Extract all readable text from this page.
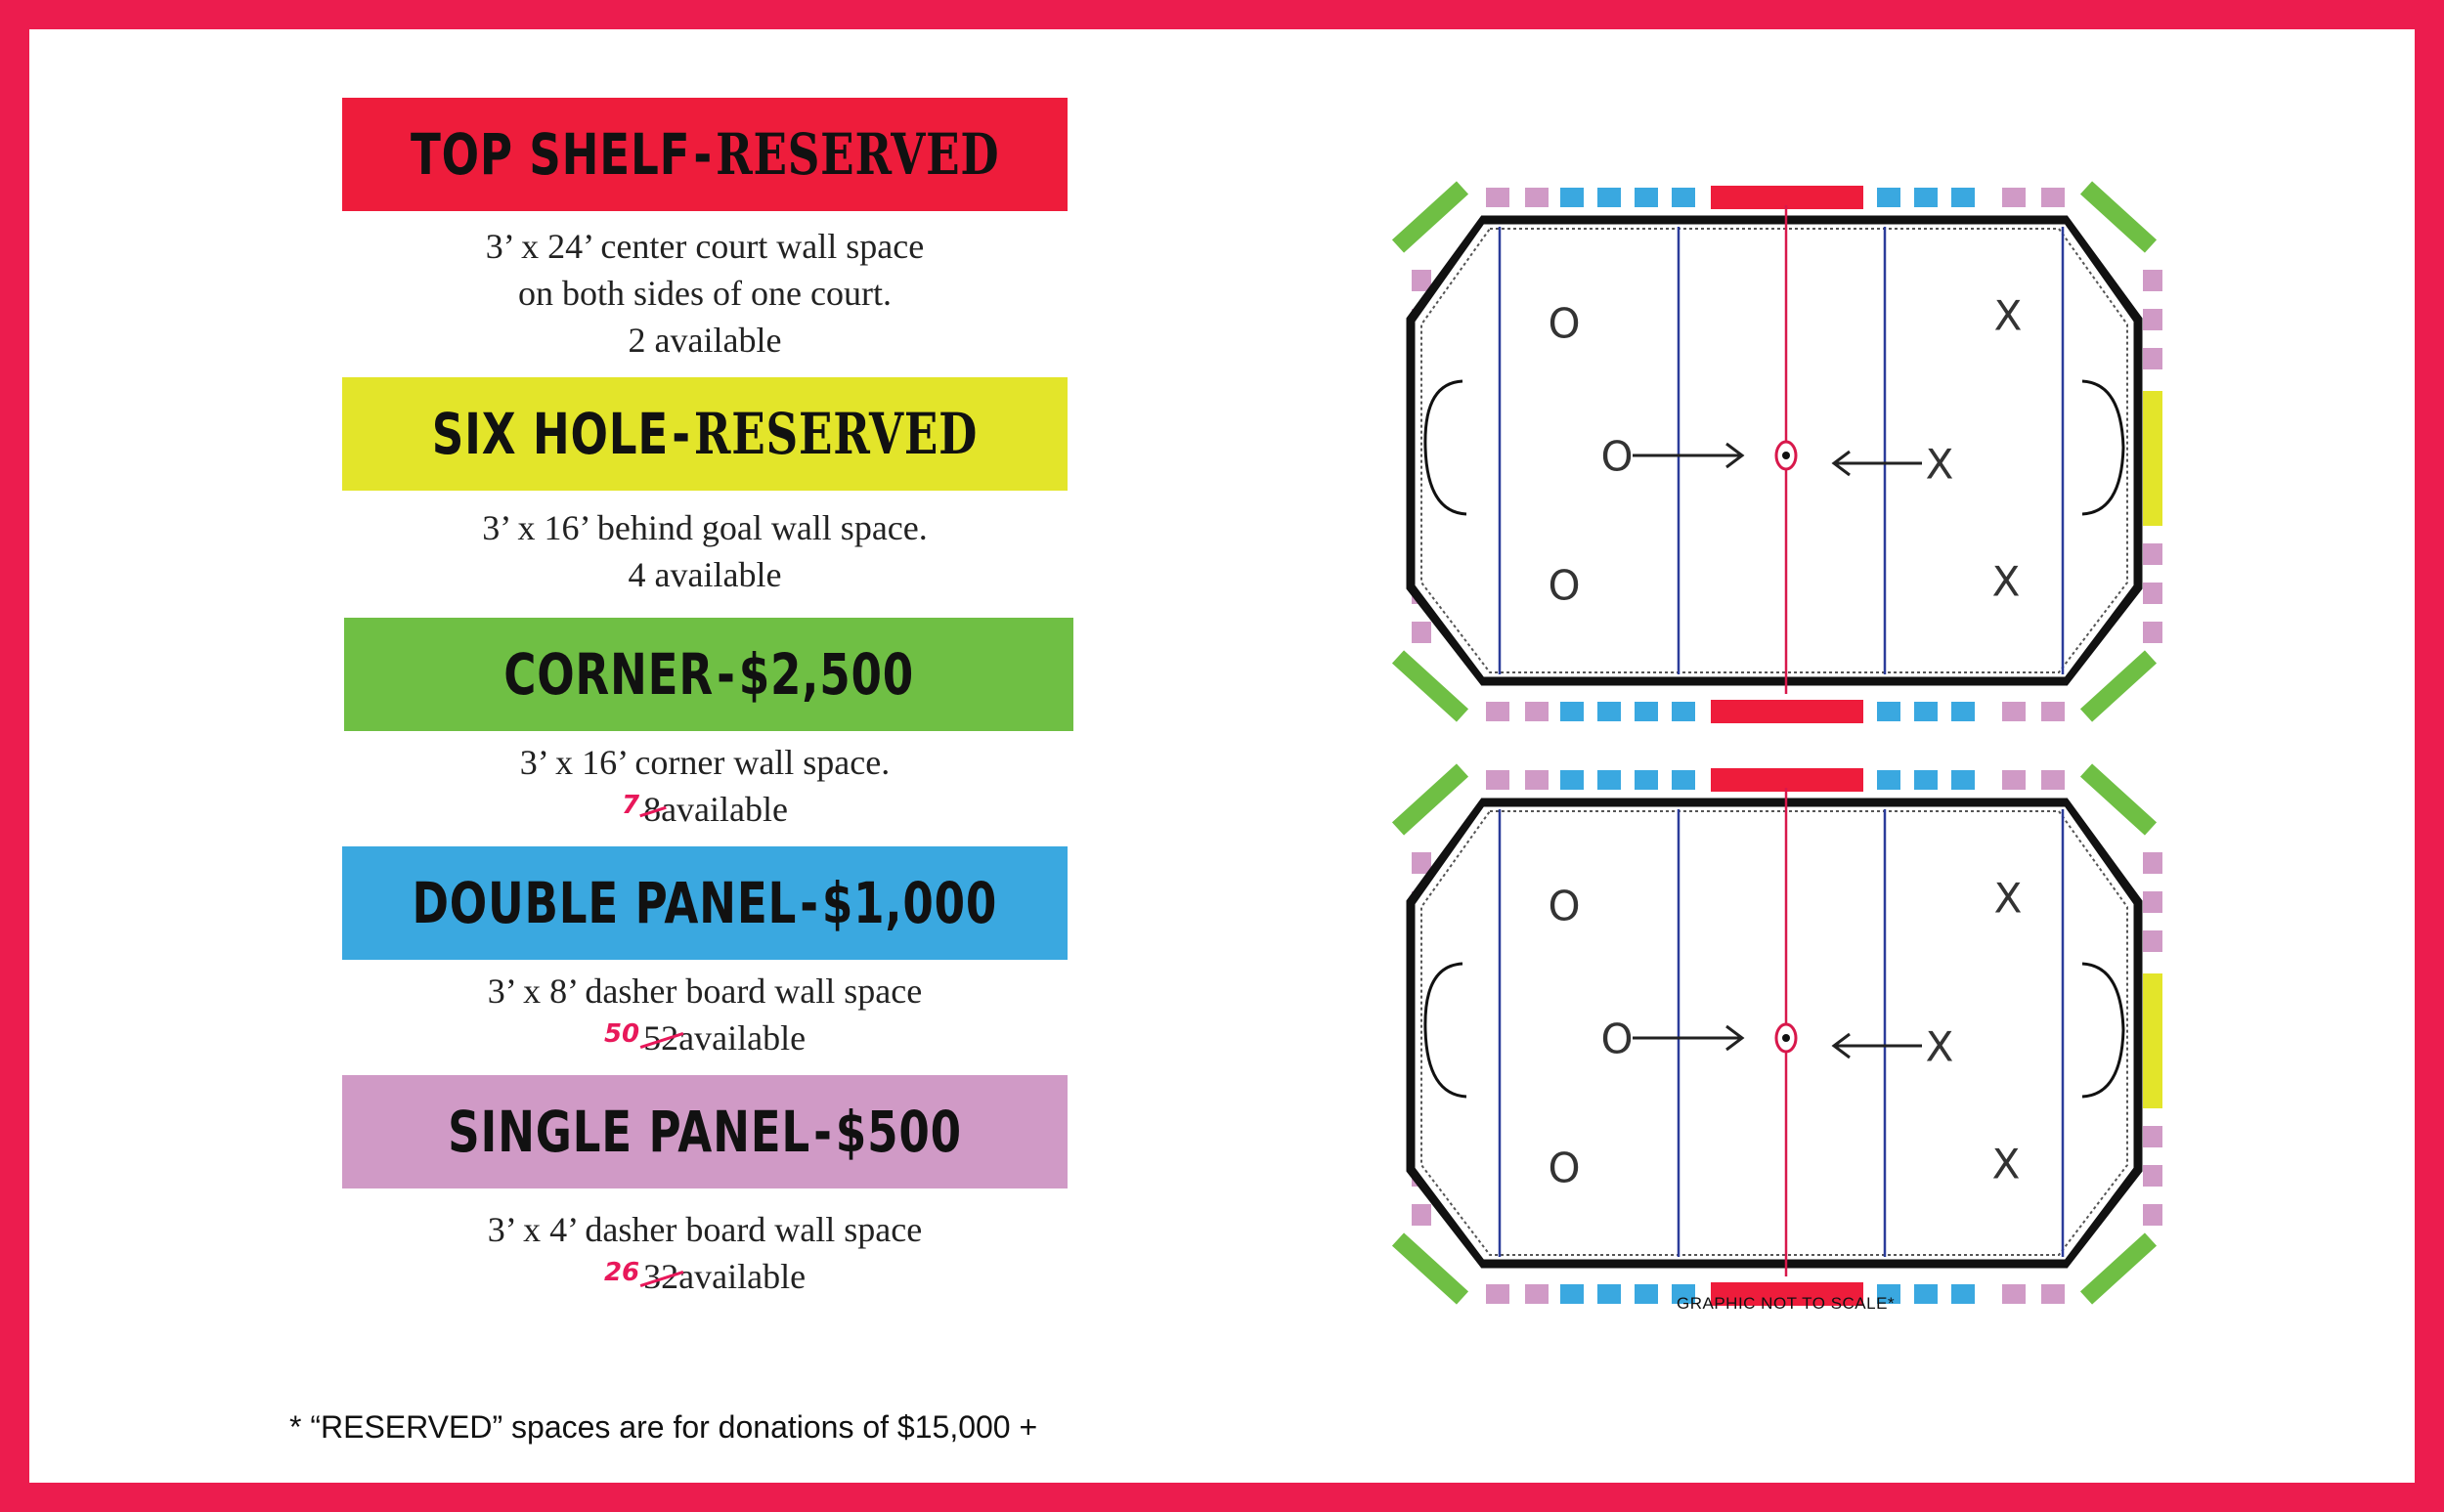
TOP SHELF-RESERVED
3’ x 24’ center court wall space
on both sides of one court.
2 available
SIX HOLE-RESERVED
3’ x 16’ behind goal wall space.
4 available
CORNER-$2,500
3’ x 16’ corner wall space.
$^7$ 8available
DOUBLE PANEL-$1,000
3’ x 8’ dasher board wall space
$^{50}$ 52available
SINGLE PANEL-$500
3’ x 4’ dasher board wall space
$^{26}$ 32available
* “RESERVED” spaces are for donations of $15,000 +
O
O
O
X
X
X
O
O
O
X
X
X
GRAPHIC NOT TO SCALE*
